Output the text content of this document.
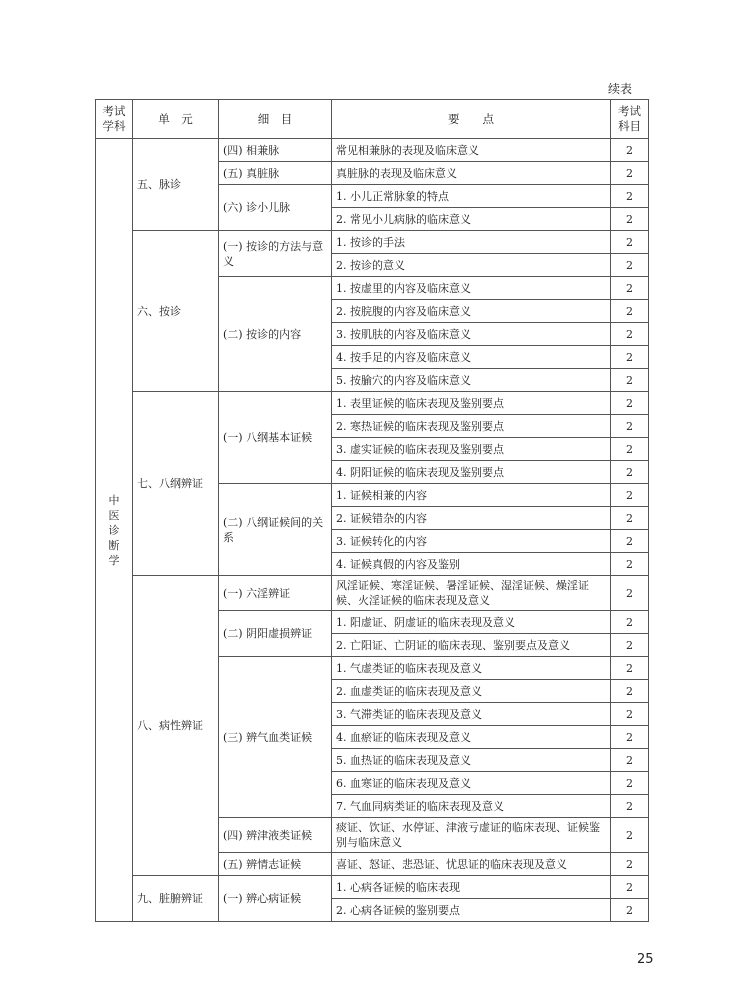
续表
考试学科	单　元	细　目	要　　点	考试科目
中医诊断学	五、脉诊	(四) 相兼脉	常见相兼脉的表现及临床意义	2
		(五) 真脏脉	真脏脉的表现及临床意义	2
		(六) 诊小儿脉	1. 小儿正常脉象的特点	2
			2. 常见小儿病脉的临床意义	2
	六、按诊	(一) 按诊的方法与意义	1. 按诊的手法	2
			2. 按诊的意义	2
		(二) 按诊的内容	1. 按虚里的内容及临床意义	2
			2. 按脘腹的内容及临床意义	2
			3. 按肌肤的内容及临床意义	2
			4. 按手足的内容及临床意义	2
			5. 按腧穴的内容及临床意义	2
	七、八纲辨证	(一) 八纲基本证候	1. 表里证候的临床表现及鉴别要点	2
			2. 寒热证候的临床表现及鉴别要点	2
			3. 虚实证候的临床表现及鉴别要点	2
			4. 阴阳证候的临床表现及鉴别要点	2
		(二) 八纲证候间的关系	1. 证候相兼的内容	2
			2. 证候错杂的内容	2
			3. 证候转化的内容	2
			4. 证候真假的内容及鉴别	2
	八、病性辨证	(一) 六淫辨证	风淫证候、寒淫证候、暑淫证候、湿淫证候、燥淫证候、火淫证候的临床表现及意义	2
		(二) 阴阳虚损辨证	1. 阳虚证、阴虚证的临床表现及意义	2
			2. 亡阳证、亡阴证的临床表现、鉴别要点及意义	2
		(三) 辨气血类证候	1. 气虚类证的临床表现及意义	2
			2. 血虚类证的临床表现及意义	2
			3. 气滞类证的临床表现及意义	2
			4. 血瘀证的临床表现及意义	2
			5. 血热证的临床表现及意义	2
			6. 血寒证的临床表现及意义	2
			7. 气血同病类证的临床表现及意义	2
		(四) 辨津液类证候	痰证、饮证、水停证、津液亏虚证的临床表现、证候鉴别与临床意义	2
		(五) 辨情志证候	喜证、怒证、悲恐证、忧思证的临床表现及意义	2
	九、脏腑辨证	(一) 辨心病证候	1. 心病各证候的临床表现	2
			2. 心病各证候的鉴别要点	2
25
